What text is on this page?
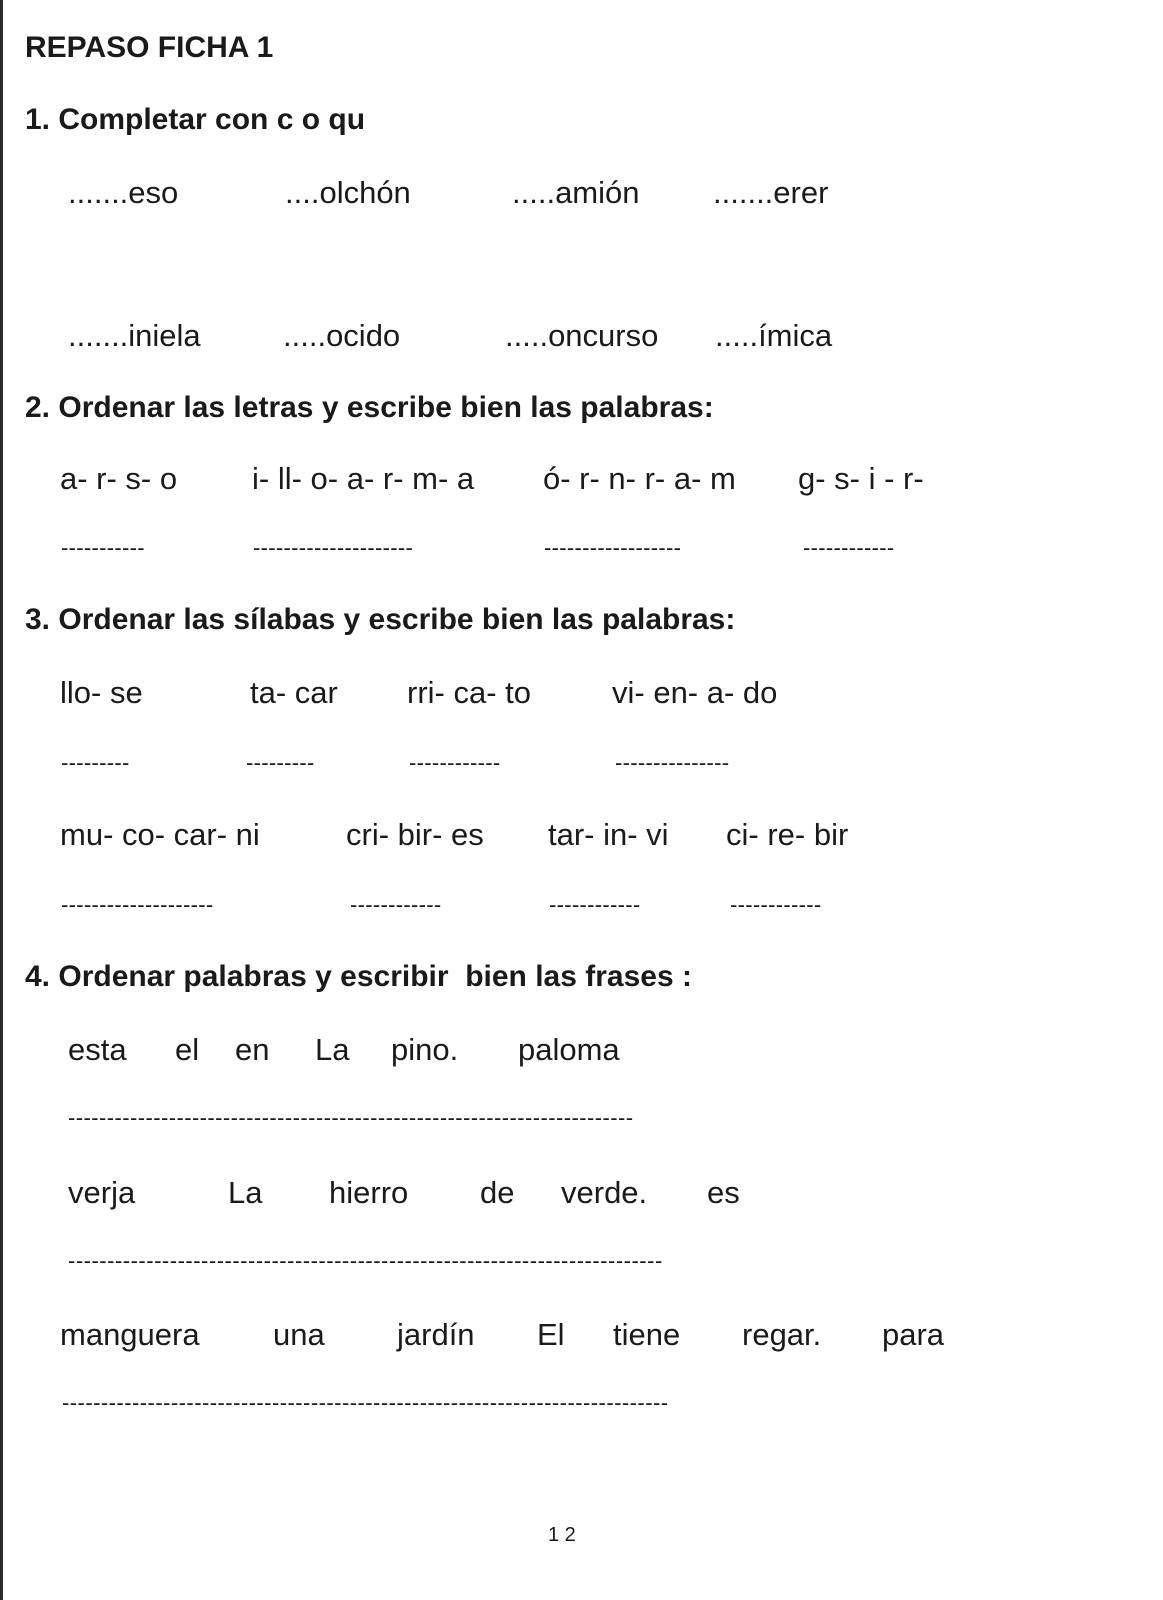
REPASO FICHA 1
1. Completar con c o qu
.......eso	....olchón	.....amión .......erer
.......iniela	.....ocido	.....oncurso .....ímica
2. Ordenar las letras y escribe bien las palabras:
a- r- s- o i- ll- o- a- r- m- a ó- r- n- r- a- m g- s- i - r-
-----------	---------------------	------------------	------------
3. Ordenar las sílabas y escribe bien las palabras:
llo- se	ta- car rri- ca- to	vi- en- a- do
---------	---------	------------	---------------
mu- co- car- ni	cri- bir- es tar- in- vi ci- re- bir
--------------------	------------	------------	------------
4. Ordenar palabras y escribir  bien las frases :
esta el en La pino. paloma
-------------------------------------------------------------------------
verja	La hierro de verde. es
----------------------------------------------------------------------------
manguera una jardín El tiene regar. para
------------------------------------------------------------------------------
1 2
